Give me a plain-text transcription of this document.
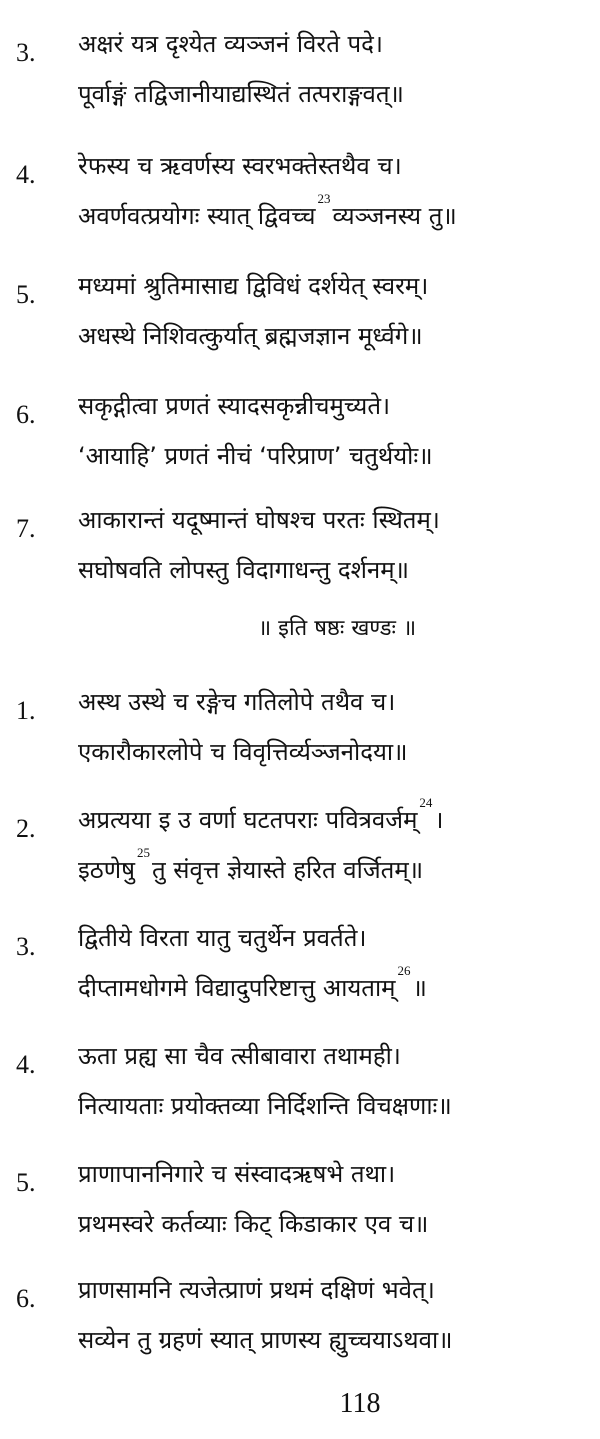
3. अक्षरं यत्र दृश्येत व्यञ्जनं विरते पदे।
पूर्वाङ्गं तद्विजानीयाद्यस्थितं तत्पराङ्गवत्॥
4. रेफस्य च ऋवर्णस्य स्वरभक्तेस्तथैव च।
अवर्णवत्प्रयोगः स्यात् द्विवच्च$^{23}$व्यञ्जनस्य तु॥
5. मध्यमां श्रुतिमासाद्य द्विविधं दर्शयेत् स्वरम्।
अधस्थे निशिवत्कुर्यात् ब्रह्मजज्ञान मूर्ध्वगे॥
6. सकृद्गीत्वा प्रणतं स्यादसकृन्नीचमुच्यते।
‘आयाहि’ प्रणतं नीचं ‘परिप्राण’ चतुर्थयोः॥
7. आकारान्तं यदूष्मान्तं घोषश्च परतः स्थितम्।
सघोषवति लोपस्तु विदागाधन्तु दर्शनम्॥
॥ इति षष्ठः खण्डः ॥
1. अस्थ उस्थे च रङ्गेच गतिलोपे तथैव च।
एकारौकारलोपे च विवृत्तिर्व्यञ्जनोदया॥
2. अप्रत्यया इ उ वर्णा घटतपराः पवित्रवर्जम्$^{24}$।
इठणेषु$^{25}$तु संवृत्त ज्ञेयास्ते हरित वर्जितम्॥
3. द्वितीये विरता यातु चतुर्थेन प्रवर्तते।
दीप्तामधोगमे विद्यादुपरिष्टात्तु आयताम्$^{26}$॥
4. ऊता प्रह्य सा चैव त्सीबावारा तथामही।
नित्यायताः प्रयोक्तव्या निर्दिशन्ति विचक्षणाः॥
5. प्राणापाननिगारे च संस्वादऋषभे तथा।
प्रथमस्वरे कर्तव्याः किट् किडाकार एव च॥
6. प्राणसामनि त्यजेत्प्राणं प्रथमं दक्षिणं भवेत्।
सव्येन तु ग्रहणं स्यात् प्राणस्य ह्युच्चयाऽथवा॥
118
